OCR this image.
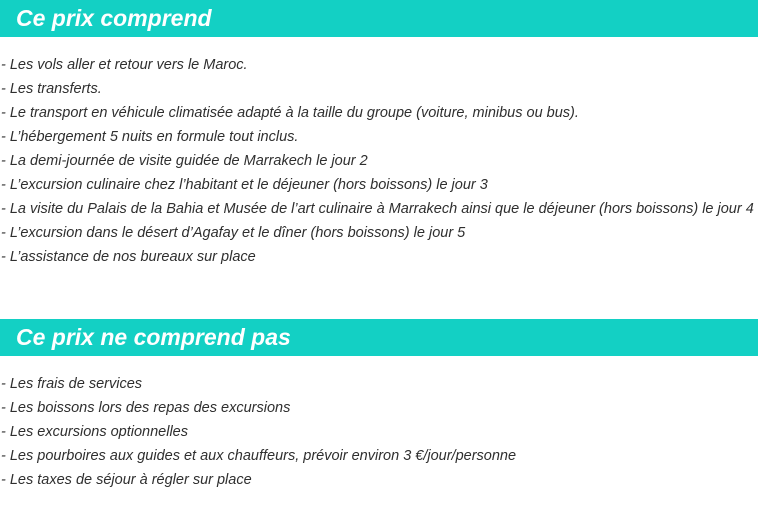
Ce prix comprend
- Les vols aller et retour vers le Maroc.
- Les transferts.
- Le transport en véhicule climatisée adapté à la taille du groupe (voiture, minibus ou bus).
- L’hébergement 5 nuits en formule tout inclus.
- La demi-journée de visite guidée de Marrakech le jour 2
- L’excursion culinaire chez l’habitant et le déjeuner (hors boissons) le jour 3
- La visite du Palais de la Bahia et Musée de l’art culinaire à Marrakech ainsi que le déjeuner (hors boissons) le jour 4
- L’excursion dans le désert d’Agafay et le dîner (hors boissons) le jour 5
- L’assistance de nos bureaux sur place
Ce prix ne comprend pas
- Les frais de services
- Les boissons lors des repas des excursions
- Les excursions optionnelles
- Les pourboires aux guides et aux chauffeurs, prévoir environ 3 €/jour/personne
- Les taxes de séjour à régler sur place
